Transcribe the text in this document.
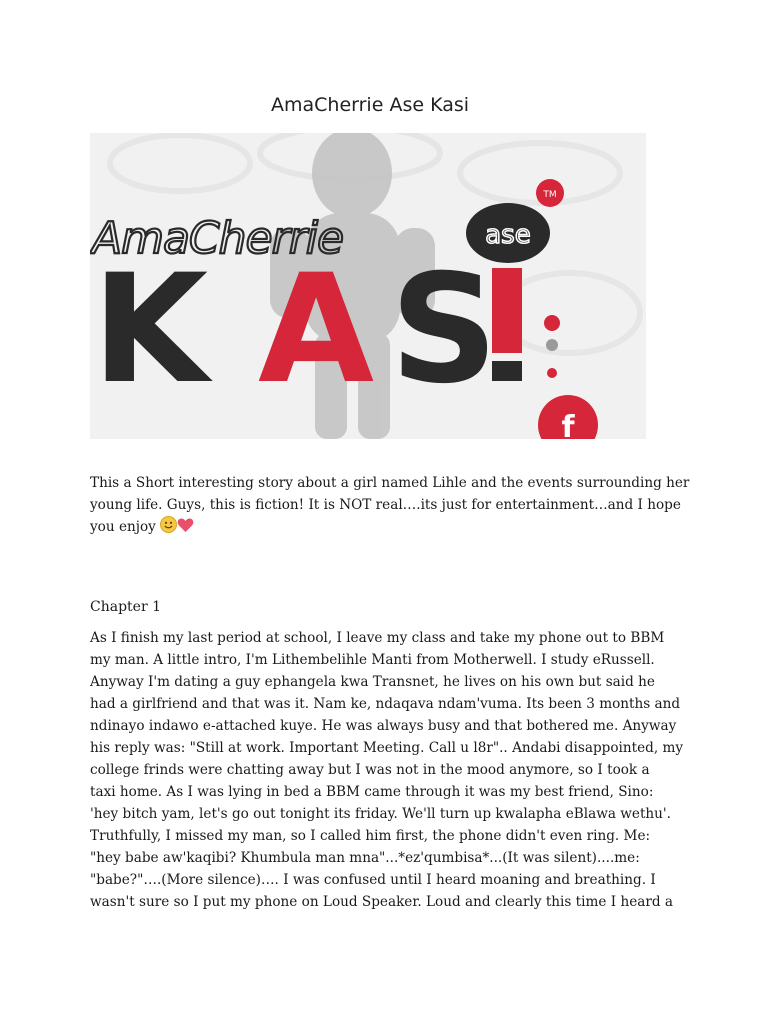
AmaCherrie Ase Kasi
AmaCherrie	ase
TM
K A S
f
This a Short interesting story about a girl named Lihle and the events surrounding her
young life. Guys, this is fiction! It is NOT real….its just for entertainment…and I hope
you enjoy
Chapter 1
As I finish my last period at school, I leave my class and take my phone out to BBM
my man. A little intro, I'm Lithembelihle Manti from Motherwell. I study eRussell.
Anyway I'm dating a guy ephangela kwa Transnet, he lives on his own but said he
had a girlfriend and that was it. Nam ke, ndaqava ndam'vuma. Its been 3 months and
ndinayo indawo e-attached kuye. He was always busy and that bothered me. Anyway
his reply was: "Still at work. Important Meeting. Call u l8r".. Andabi disappointed, my
college frinds were chatting away but I was not in the mood anymore, so I took a
taxi home. As I was lying in bed a BBM came through it was my best friend, Sino:
'hey bitch yam, let's go out tonight its friday. We'll turn up kwalapha eBlawa wethu'.
Truthfully, I missed my man, so I called him first, the phone didn't even ring. Me:
"hey babe aw'kaqibi? Khumbula man mna"...*ez'qumbisa*...(It was silent)....me:
"babe?"….(More silence)…. I was confused until I heard moaning and breathing. I
wasn't sure so I put my phone on Loud Speaker. Loud and clearly this time I heard a
